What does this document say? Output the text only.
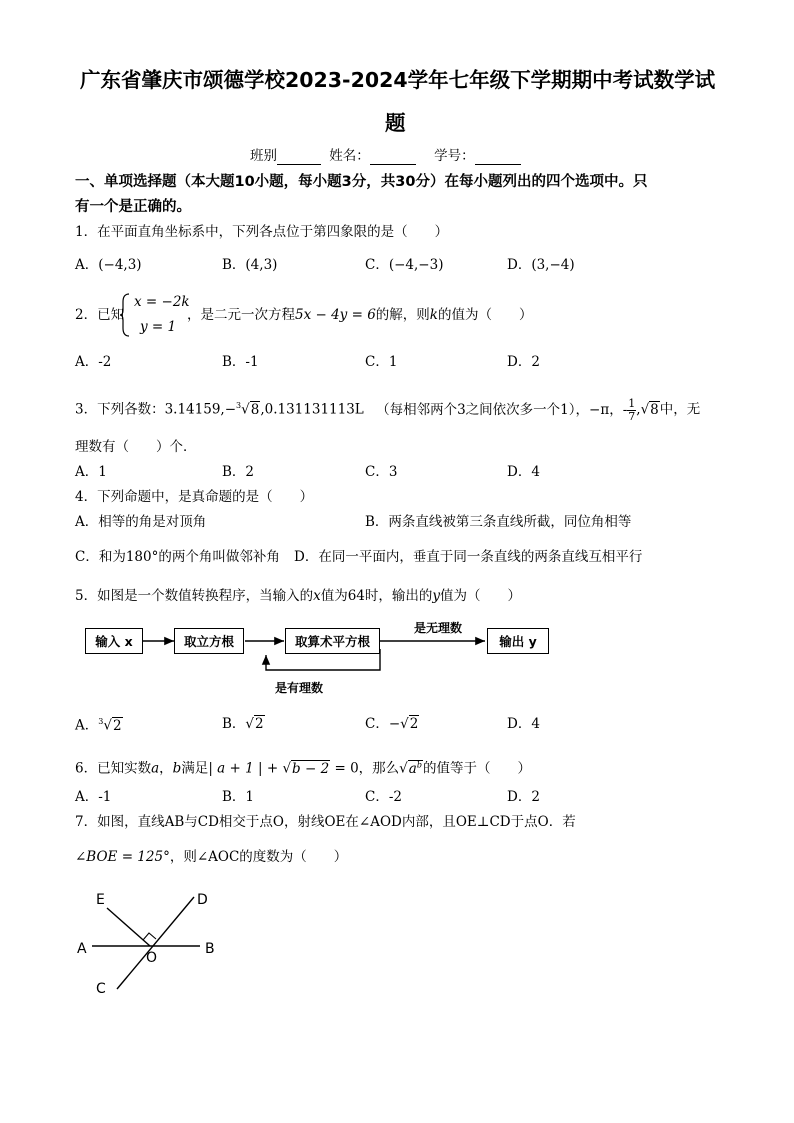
广东省肇庆市颂德学校2023-2024学年七年级下学期期中考试数学试
题
班别	姓名：	学号：
一、单项选择题（本大题10小题，每小题3分，共30分）在每小题列出的四个选项中。只
有一个是正确的。
1．在平面直角坐标系中，下列各点位于第四象限的是（　　）
A．(−4,3)	B．(4,3)	C．(−4,−3)	D．(3,−4)
2．已知
x = −2k
y = 1
，是二元一次方程5x − 4y = 6的解，则k的值为（　　）
A．-2	B．-1	C．1	D．2
3．下列各数：3.14159,−$^3$√8,0.131131113L （每相邻两个3之间依次多一个1），−π，- $\frac{1}{7} ,√8$中，无
理数有（　　）个．
A．1	B．2	C．3	D．4
4．下列命题中，是真命题的是（　　）
A．相等的角是对顶角	B．两条直线被第三条直线所截，同位角相等
C．和为180°的两个角叫做邻补角 D．在同一平面内，垂直于同一条直线的两条直线互相平行
5．如图是一个数值转换程序，当输入的x值为64时，输出的y值为（　　）
输入 x	取立方根	取算术平方根	输出 y
是无理数
是有理数
A．$^3$√2	B．√2	C．−√2	D．4
6．已知实数a，b满足| a + 1 | + √b − 2 = 0，那么$√a^b$的值等于（　　）
A．-1	B．1	C．-2	D．2
7．如图，直线AB与CD相交于点O，射线OE在∠AOD内部，且OE⊥CD于点O．若
∠BOE = 125°，则∠AOC的度数为（　　）
E	D
A
O
B
C
